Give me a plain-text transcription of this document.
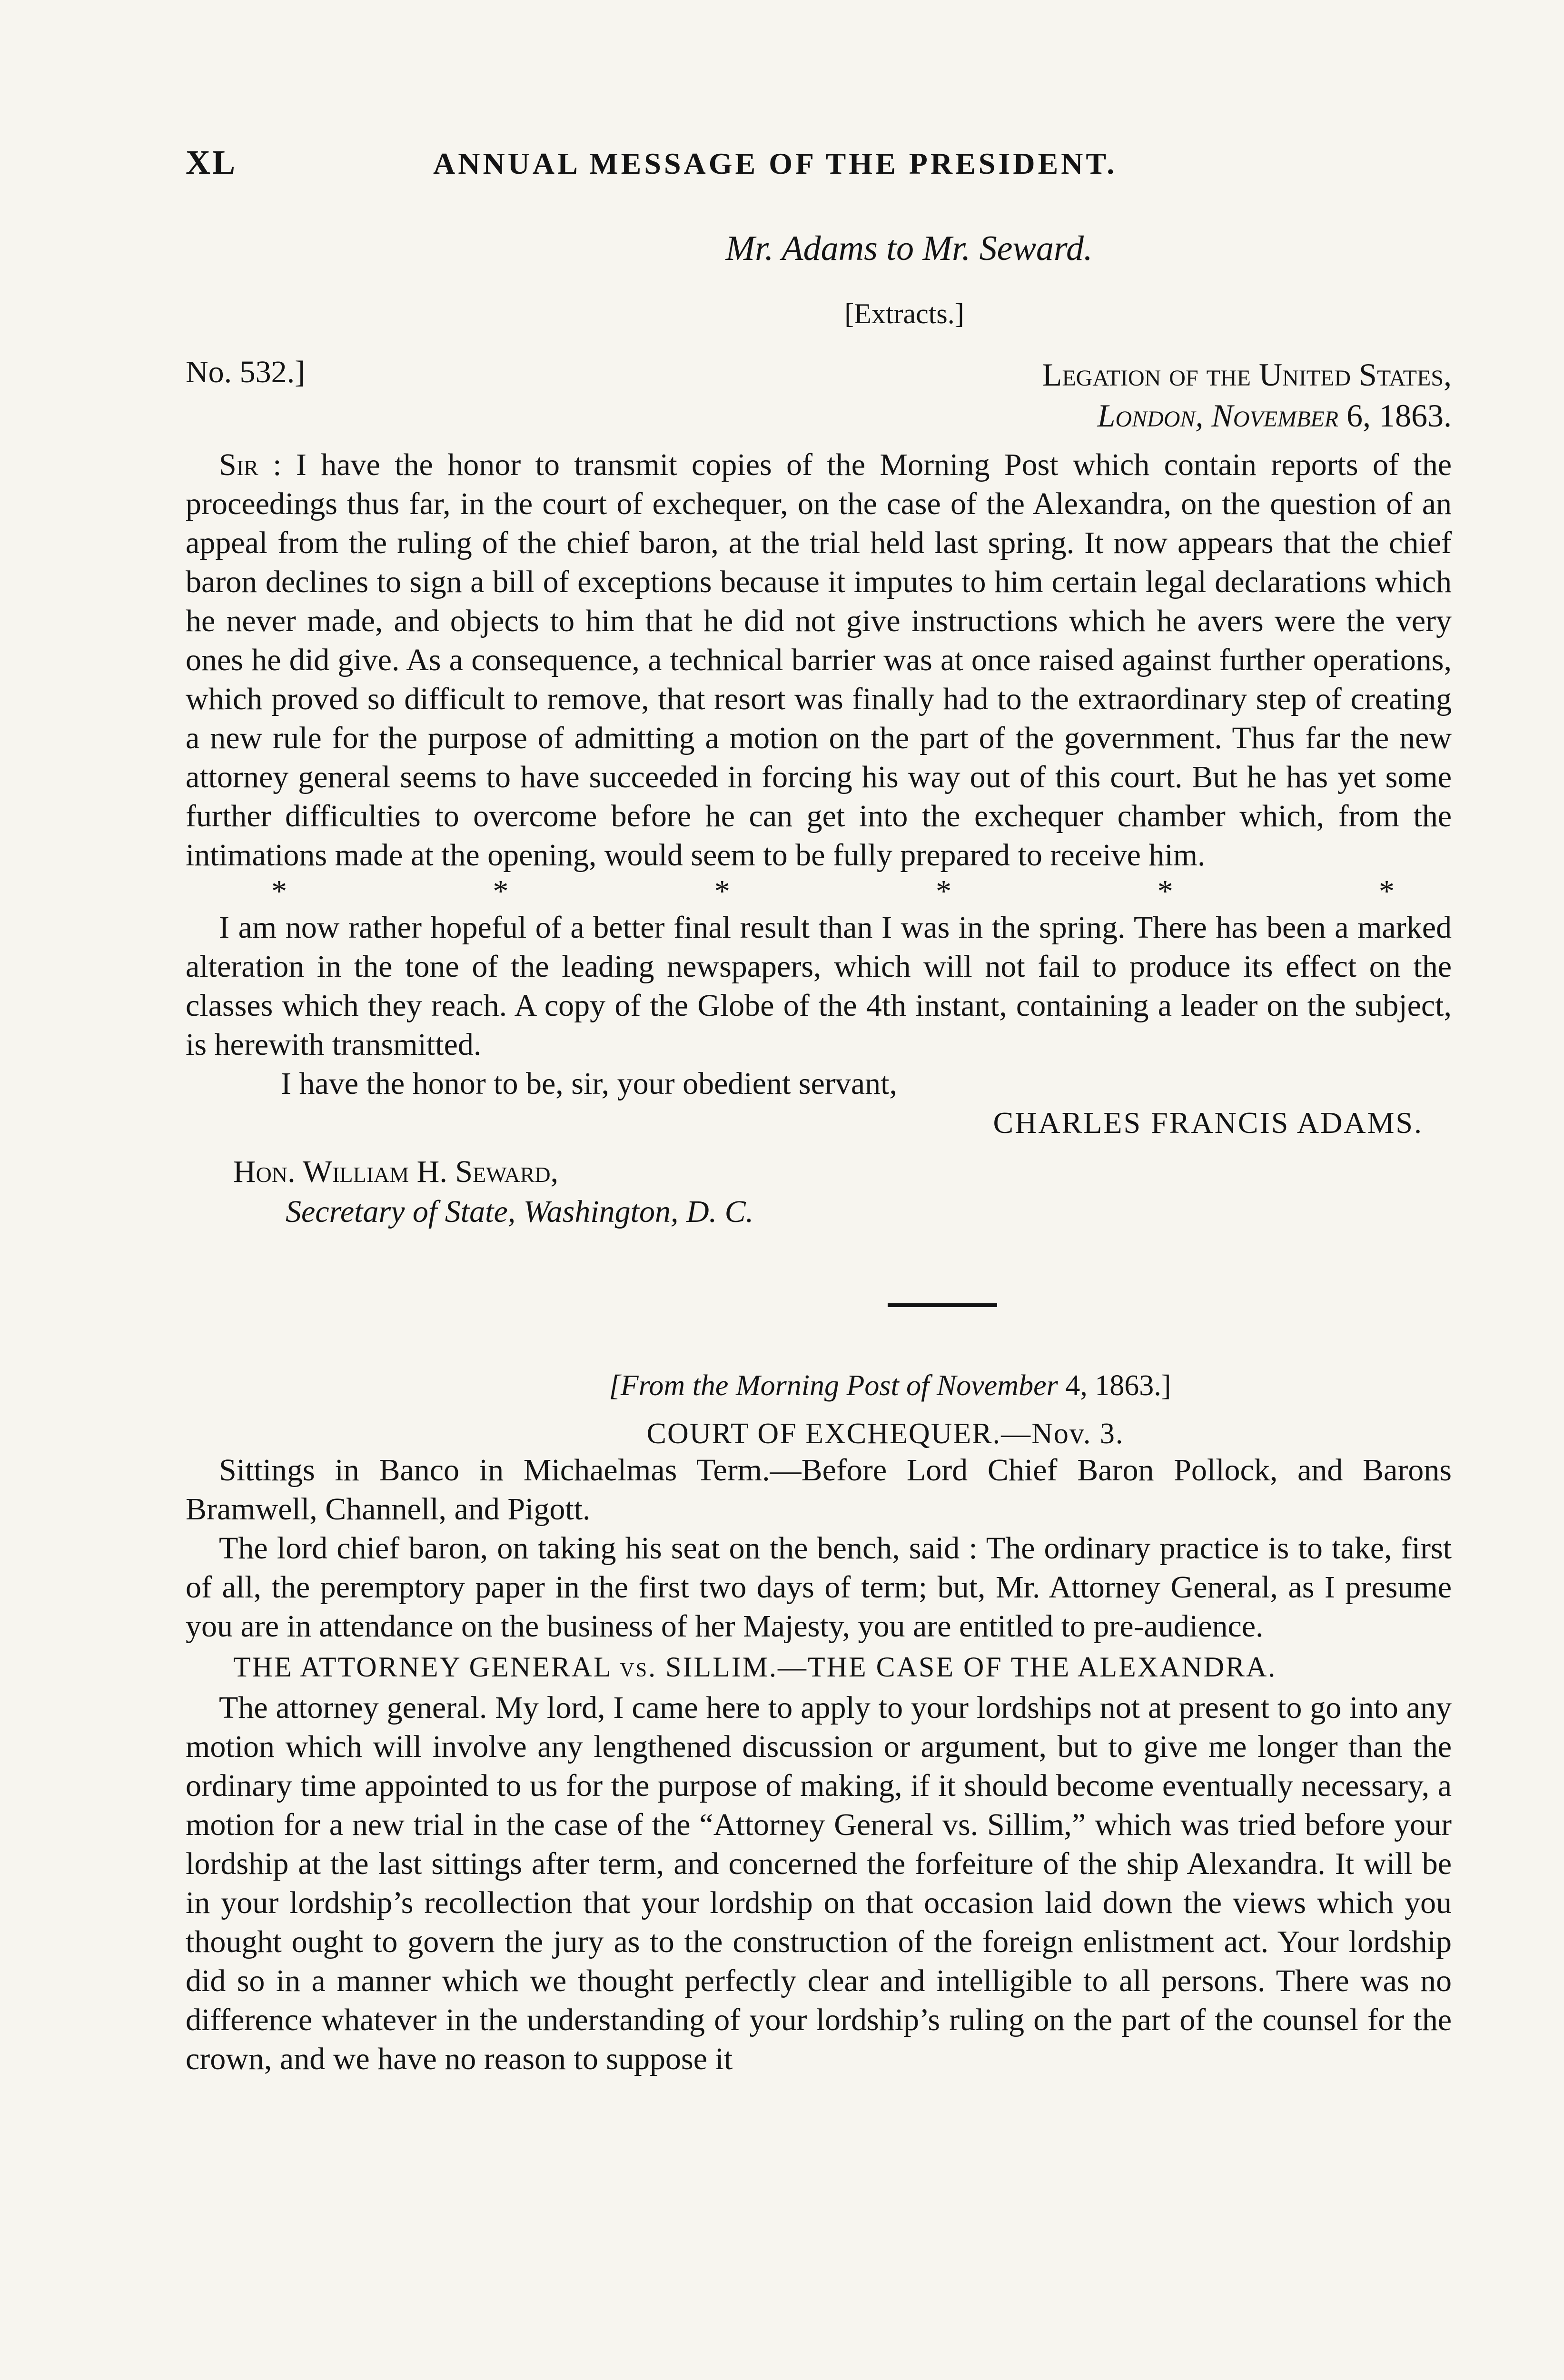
XL	ANNUAL MESSAGE OF THE PRESIDENT.
Mr. Adams to Mr. Seward.
[Extracts.]
No. 532.]	Legation of the United States,
London, November 6, 1863.

Sir : I have the honor to transmit copies of the Morning Post which contain reports of the proceedings thus far, in the court of exchequer, on the case of the Alexandra, on the question of an appeal from the ruling of the chief baron, at the trial held last spring. It now appears that the chief baron declines to sign a bill of exceptions because it imputes to him certain legal declarations which he never made, and objects to him that he did not give instructions which he avers were the very ones he did give. As a consequence, a technical barrier was at once raised against further operations, which proved so difficult to remove, that resort was finally had to the extraordinary step of creating a new rule for the purpose of admitting a motion on the part of the government. Thus far the new attorney general seems to have succeeded in forcing his way out of this court. But he has yet some further difficulties to overcome before he can get into the exchequer chamber which, from the intimations made at the opening, would seem to be fully prepared to receive him.

*	*	*	*	*	*

I am now rather hopeful of a better final result than I was in the spring. There has been a marked alteration in the tone of the leading newspapers, which will not fail to produce its effect on the classes which they reach. A copy of the Globe of the 4th instant, containing a leader on the subject, is herewith transmitted.

I have the honor to be, sir, your obedient servant,
CHARLES FRANCIS ADAMS.
Hon. William H. Seward,
Secretary of State, Washington, D. C.
[From the Morning Post of November 4, 1863.]
COURT OF EXCHEQUER.—Nov. 3.

Sittings in Banco in Michaelmas Term.—Before Lord Chief Baron Pollock, and Barons Bramwell, Channell, and Pigott.

The lord chief baron, on taking his seat on the bench, said : The ordinary practice is to take, first of all, the peremptory paper in the first two days of term; but, Mr. Attorney General, as I presume you are in attendance on the business of her Majesty, you are entitled to pre-audience.

THE ATTORNEY GENERAL vs. SILLIM.—THE CASE OF THE ALEXANDRA.

The attorney general. My lord, I came here to apply to your lordships not at present to go into any motion which will involve any lengthened discussion or argument, but to give me longer than the ordinary time appointed to us for the purpose of making, if it should become eventually necessary, a motion for a new trial in the case of the “Attorney General vs. Sillim,” which was tried before your lordship at the last sittings after term, and concerned the forfeiture of the ship Alexandra. It will be in your lordship’s recollection that your lordship on that occasion laid down the views which you thought ought to govern the jury as to the construction of the foreign enlistment act. Your lordship did so in a manner which we thought perfectly clear and intelligible to all persons. There was no difference whatever in the understanding of your lordship’s ruling on the part of the counsel for the crown, and we have no reason to suppose it
